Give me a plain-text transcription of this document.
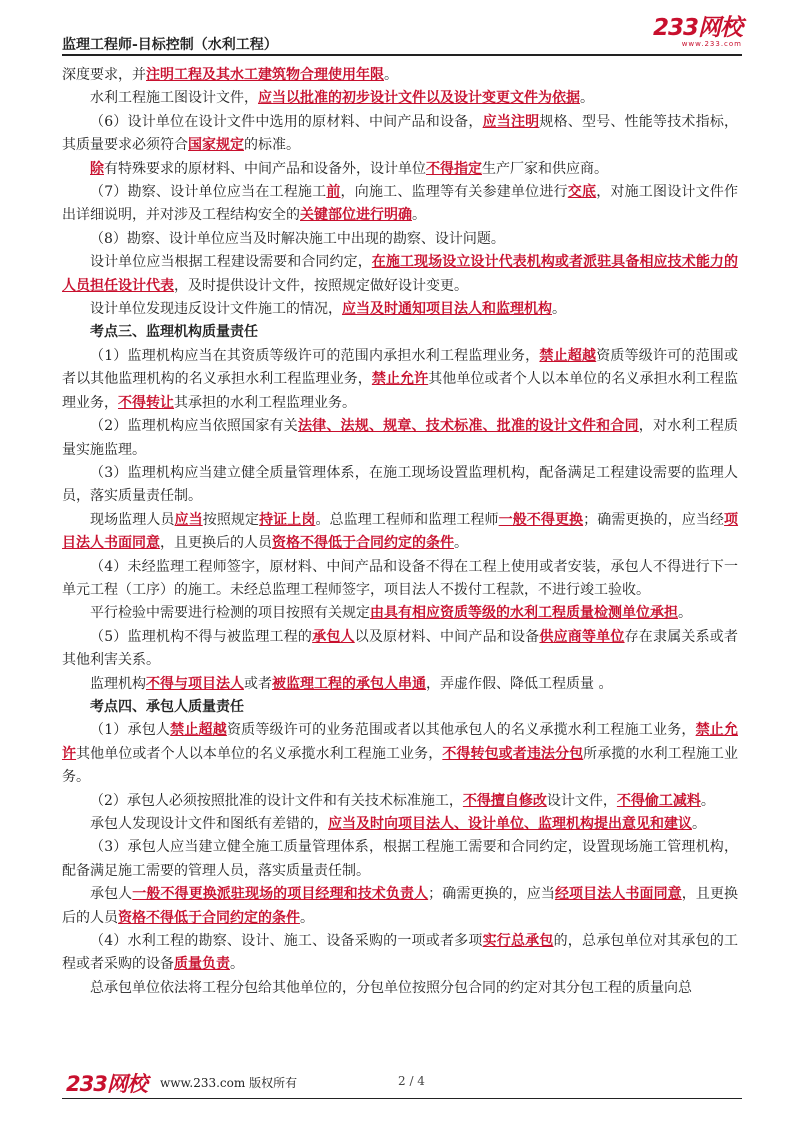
监理工程师-目标控制（水利工程）
233网校
www.233.com

深度要求，并注明工程及其水工建筑物合理使用年限。

水利工程施工图设计文件，应当以批准的初步设计文件以及设计变更文件为依据。

（6）设计单位在设计文件中选用的原材料、中间产品和设备，应当注明规格、型号、性能等技术指标，其质量要求必须符合国家规定的标准。

除有特殊要求的原材料、中间产品和设备外，设计单位不得指定生产厂家和供应商。

（7）勘察、设计单位应当在工程施工前，向施工、监理等有关参建单位进行交底，对施工图设计文件作出详细说明，并对涉及工程结构安全的关键部位进行明确。

（8）勘察、设计单位应当及时解决施工中出现的勘察、设计问题。

设计单位应当根据工程建设需要和合同约定，在施工现场设立设计代表机构或者派驻具备相应技术能力的人员担任设计代表，及时提供设计文件，按照规定做好设计变更。

设计单位发现违反设计文件施工的情况，应当及时通知项目法人和监理机构。

考点三、监理机构质量责任

（1）监理机构应当在其资质等级许可的范围内承担水利工程监理业务，禁止超越资质等级许可的范围或者以其他监理机构的名义承担水利工程监理业务，禁止允许其他单位或者个人以本单位的名义承担水利工程监理业务，不得转让其承担的水利工程监理业务。

（2）监理机构应当依照国家有关法律、法规、规章、技术标准、批准的设计文件和合同，对水利工程质量实施监理。

（3）监理机构应当建立健全质量管理体系，在施工现场设置监理机构，配备满足工程建设需要的监理人员，落实质量责任制。

现场监理人员应当按照规定持证上岗。总监理工程师和监理工程师一般不得更换；确需更换的，应当经项目法人书面同意，且更换后的人员资格不得低于合同约定的条件。

（4）未经监理工程师签字，原材料、中间产品和设备不得在工程上使用或者安装，承包人不得进行下一单元工程（工序）的施工。未经总监理工程师签字，项目法人不拨付工程款，不进行竣工验收。

平行检验中需要进行检测的项目按照有关规定由具有相应资质等级的水利工程质量检测单位承担。

（5）监理机构不得与被监理工程的承包人以及原材料、中间产品和设备供应商等单位存在隶属关系或者其他利害关系。

监理机构不得与项目法人或者被监理工程的承包人串通，弄虚作假、降低工程质量 。

考点四、承包人质量责任

（1）承包人禁止超越资质等级许可的业务范围或者以其他承包人的名义承揽水利工程施工业务，禁止允许其他单位或者个人以本单位的名义承揽水利工程施工业务，不得转包或者违法分包所承揽的水利工程施工业务。

（2）承包人必须按照批准的设计文件和有关技术标准施工，不得擅自修改设计文件，不得偷工减料。

承包人发现设计文件和图纸有差错的，应当及时向项目法人、设计单位、监理机构提出意见和建议。

（3）承包人应当建立健全施工质量管理体系，根据工程施工需要和合同约定，设置现场施工管理机构，配备满足施工需要的管理人员，落实质量责任制。

承包人一般不得更换派驻现场的项目经理和技术负责人；确需更换的，应当经项目法人书面同意，且更换后的人员资格不得低于合同约定的条件。

（4）水利工程的勘察、设计、施工、设备采购的一项或者多项实行总承包的，总承包单位对其承包的工程或者采购的设备质量负责。

总承包单位依法将工程分包给其他单位的，分包单位按照分包合同的约定对其分包工程的质量向总

233网校 www.233.com 版权所有	2 / 4
